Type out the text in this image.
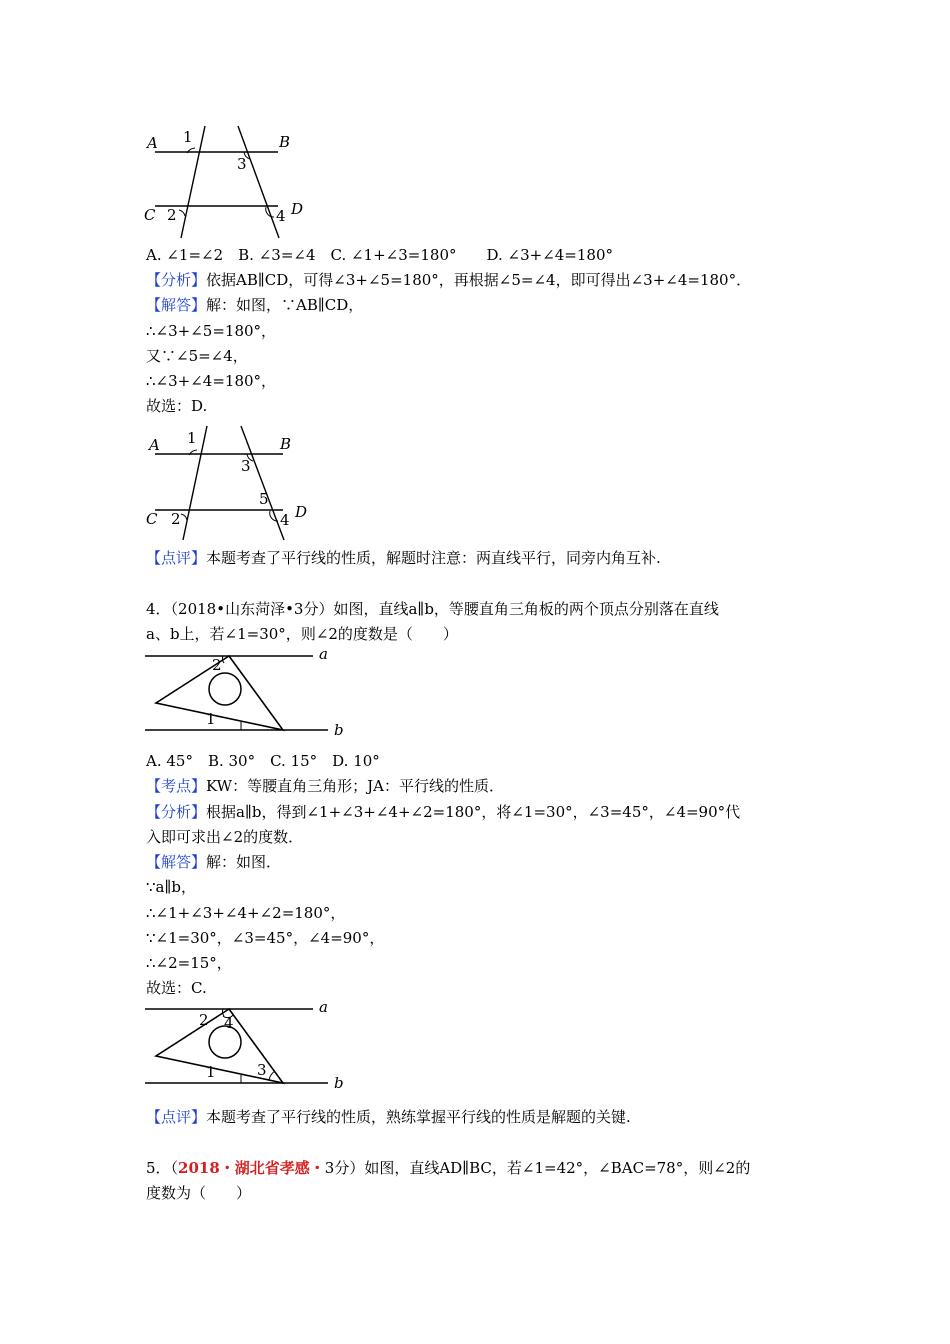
A	B
C	D
1
2
3
4
A. ∠1=∠2　B. ∠3=∠4　C. ∠1+∠3=180°　　D. ∠3+∠4=180°
【分析】依据AB∥CD，可得∠3+∠5=180°，再根据∠5=∠4，即可得出∠3+∠4=180°．
【解答】解：如图，∵AB∥CD，
∴∠3+∠5=180°，
又∵∠5=∠4，
∴∠3+∠4=180°，
故选：D.
A	B
C	D
1
2
3
4
5
【点评】本题考查了平行线的性质，解题时注意：两直线平行，同旁内角互补.
4．（2018•山东菏泽•3分）如图，直线a∥b，等腰直角三角板的两个顶点分别落在直线
a、b上，若∠1=30°，则∠2的度数是（　　）
a
b
1
2
A. 45°　B. 30°　C. 15°　D. 10°
【考点】KW：等腰直角三角形；JA：平行线的性质．
【分析】根据a∥b，得到∠1+∠3+∠4+∠2=180°，将∠1=30°，∠3=45°，∠4=90°代
入即可求出∠2的度数．
【解答】解：如图．
∵a∥b，
∴∠1+∠3+∠4+∠2=180°，
∵∠1=30°，∠3=45°，∠4=90°，
∴∠2=15°，
故选：C.
a
b
1
2
3
4
【点评】本题考查了平行线的性质，熟练掌握平行线的性质是解题的关键.
5．（2018・湖北省孝感・3分）如图，直线AD∥BC，若∠1=42°，∠BAC=78°，则∠2的
度数为（　　）
